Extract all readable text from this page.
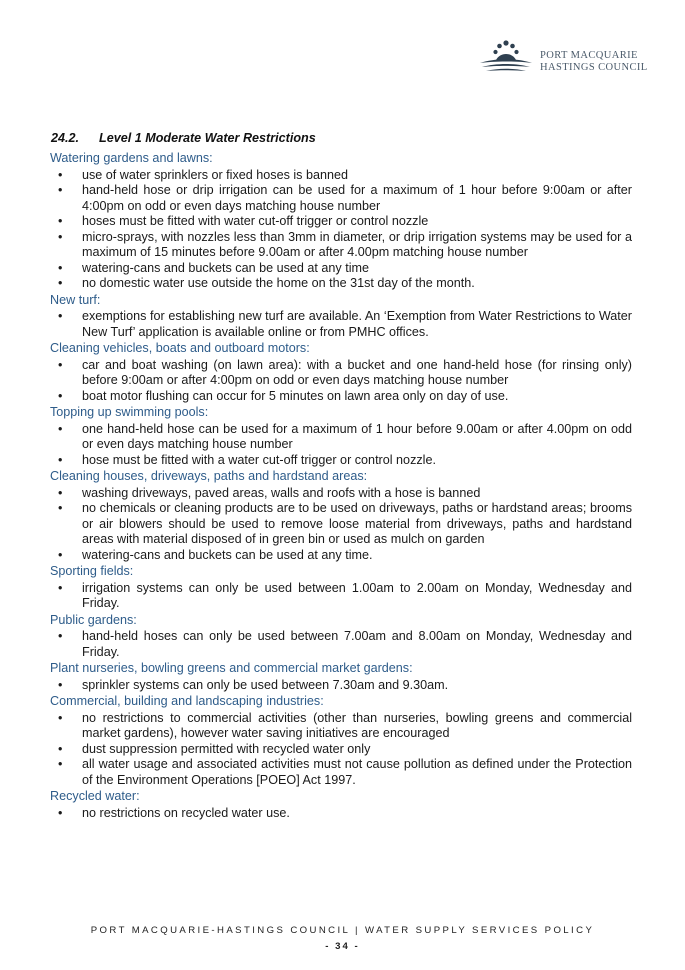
PORT MACQUARIE
HASTINGS COUNCIL
24.2. Level 1 Moderate Water Restrictions
Watering gardens and lawns:
• use of water sprinklers or fixed hoses is banned
• hand-held hose or drip irrigation can be used for a maximum of 1 hour before 9:00am or after 4:00pm on odd or even days matching house number
• hoses must be fitted with water cut-off trigger or control nozzle
• micro-sprays, with nozzles less than 3mm in diameter, or drip irrigation systems may be used for a maximum of 15 minutes before 9.00am or after 4.00pm matching house number
• watering-cans and buckets can be used at any time
• no domestic water use outside the home on the 31st day of the month.
New turf:
• exemptions for establishing new turf are available. An ‘Exemption from Water Restrictions to Water New Turf’ application is available online or from PMHC offices.
Cleaning vehicles, boats and outboard motors:
• car and boat washing (on lawn area): with a bucket and one hand-held hose (for rinsing only) before 9:00am or after 4:00pm on odd or even days matching house number
• boat motor flushing can occur for 5 minutes on lawn area only on day of use.
Topping up swimming pools:
• one hand-held hose can be used for a maximum of 1 hour before 9.00am or after 4.00pm on odd or even days matching house number
• hose must be fitted with a water cut-off trigger or control nozzle.
Cleaning houses, driveways, paths and hardstand areas:
• washing driveways, paved areas, walls and roofs with a hose is banned
• no chemicals or cleaning products are to be used on driveways, paths or hardstand areas; brooms or air blowers should be used to remove loose material from driveways, paths and hardstand areas with material disposed of in green bin or used as mulch on garden
• watering-cans and buckets can be used at any time.
Sporting fields:
• irrigation systems can only be used between 1.00am to 2.00am on Monday, Wednesday and Friday.
Public gardens:
• hand-held hoses can only be used between 7.00am and 8.00am on Monday, Wednesday and Friday.
Plant nurseries, bowling greens and commercial market gardens:
• sprinkler systems can only be used between 7.30am and 9.30am.
Commercial, building and landscaping industries:
• no restrictions to commercial activities (other than nurseries, bowling greens and commercial market gardens), however water saving initiatives are encouraged
• dust suppression permitted with recycled water only
• all water usage and associated activities must not cause pollution as defined under the Protection of the Environment Operations [POEO] Act 1997.
Recycled water:
• no restrictions on recycled water use.
PORT MACQUARIE-HASTINGS COUNCIL | WATER SUPPLY SERVICES POLICY
- 34 -
